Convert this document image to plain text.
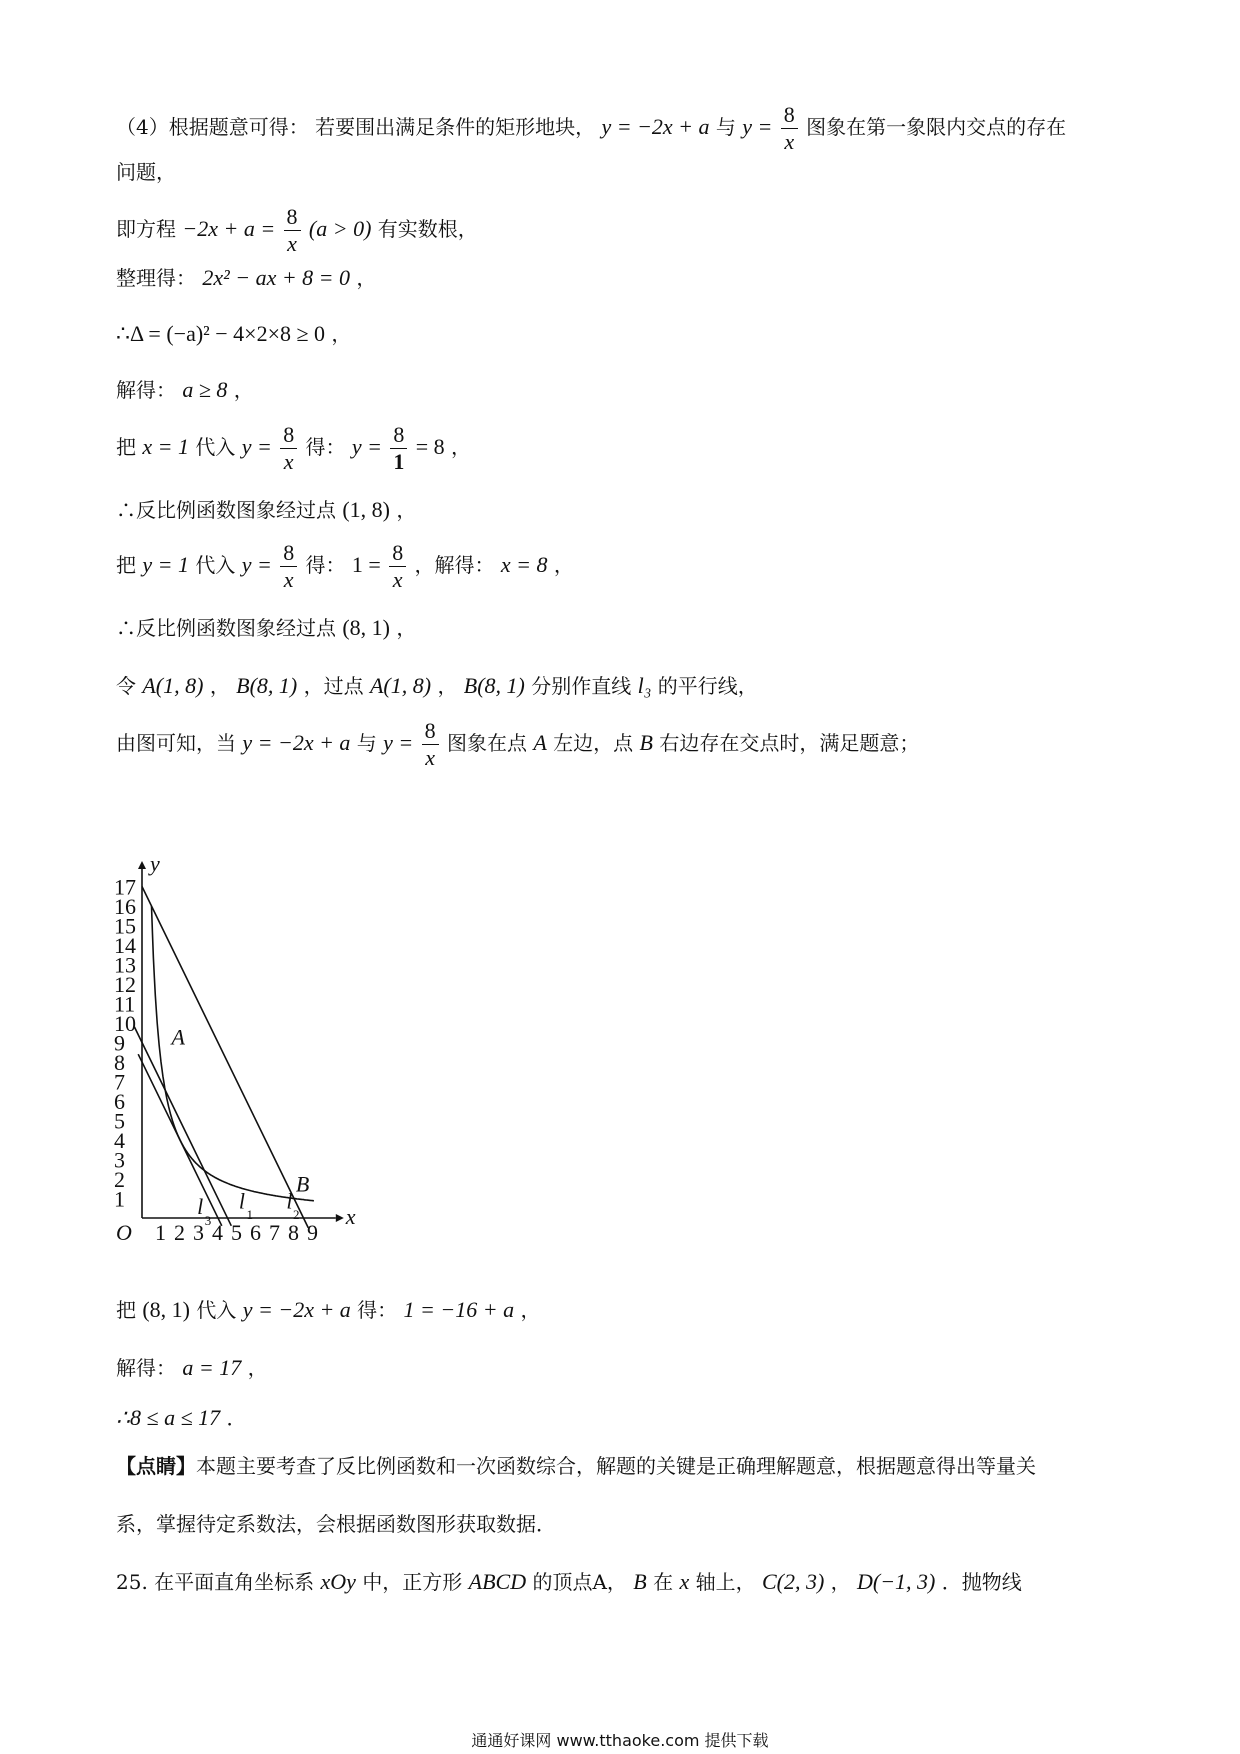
（4）根据题意可得： 若要围出满足条件的矩形地块， y = −2x + a 与 $y = \frac{8}{x}$ 图象在第一象限内交点的存在
问题，
即方程 $-2x + a = \frac{8}{x} (a > 0)$ 有实数根，
整理得： 2x² − ax + 8 = 0 ，
∴Δ = (−a)² − 4×2×8 ≥ 0 ，
解得： a ≥ 8 ，
把 x = 1 代入 $y = \frac{8}{x}$ 得： $y = \frac{8}{1} = 8$ ，
∴反比例函数图象经过点 (1, 8) ，
把 y = 1 代入 $y = \frac{8}{x}$ 得： $1 = \frac{8}{x}$ ，解得： x = 8 ，
∴反比例函数图象经过点 (8, 1) ，
令 A(1, 8) ， B(8, 1) ，过点 A(1, 8) ， B(8, 1) 分别作直线 l₃ 的平行线，
由图可知，当 y = −2x + a 与 $y = \frac{8}{x}$ 图象在点 A 左边，点 B 右边存在交点时，满足题意；
1 2 3 4 5 6 7 8 9
1
2
3
4
5
6
7
8
9
10
11
12
13
14
15
16
17
x
y
O
A
B
l
3
l
1
l
2
把 (8, 1) 代入 y = −2x + a 得： 1 = −16 + a ，
解得： a = 17 ，
∴8 ≤ a ≤ 17 ．
【点睛】本题主要考查了反比例函数和一次函数综合，解题的关键是正确理解题意，根据题意得出等量关
系，掌握待定系数法，会根据函数图形获取数据．
25. 在平面直角坐标系 xOy 中，正方形 ABCD 的顶点A， B 在 x 轴上， C(2, 3) ， D(−1, 3) ．抛物线
通通好课网 www.tthaoke.com 提供下载
